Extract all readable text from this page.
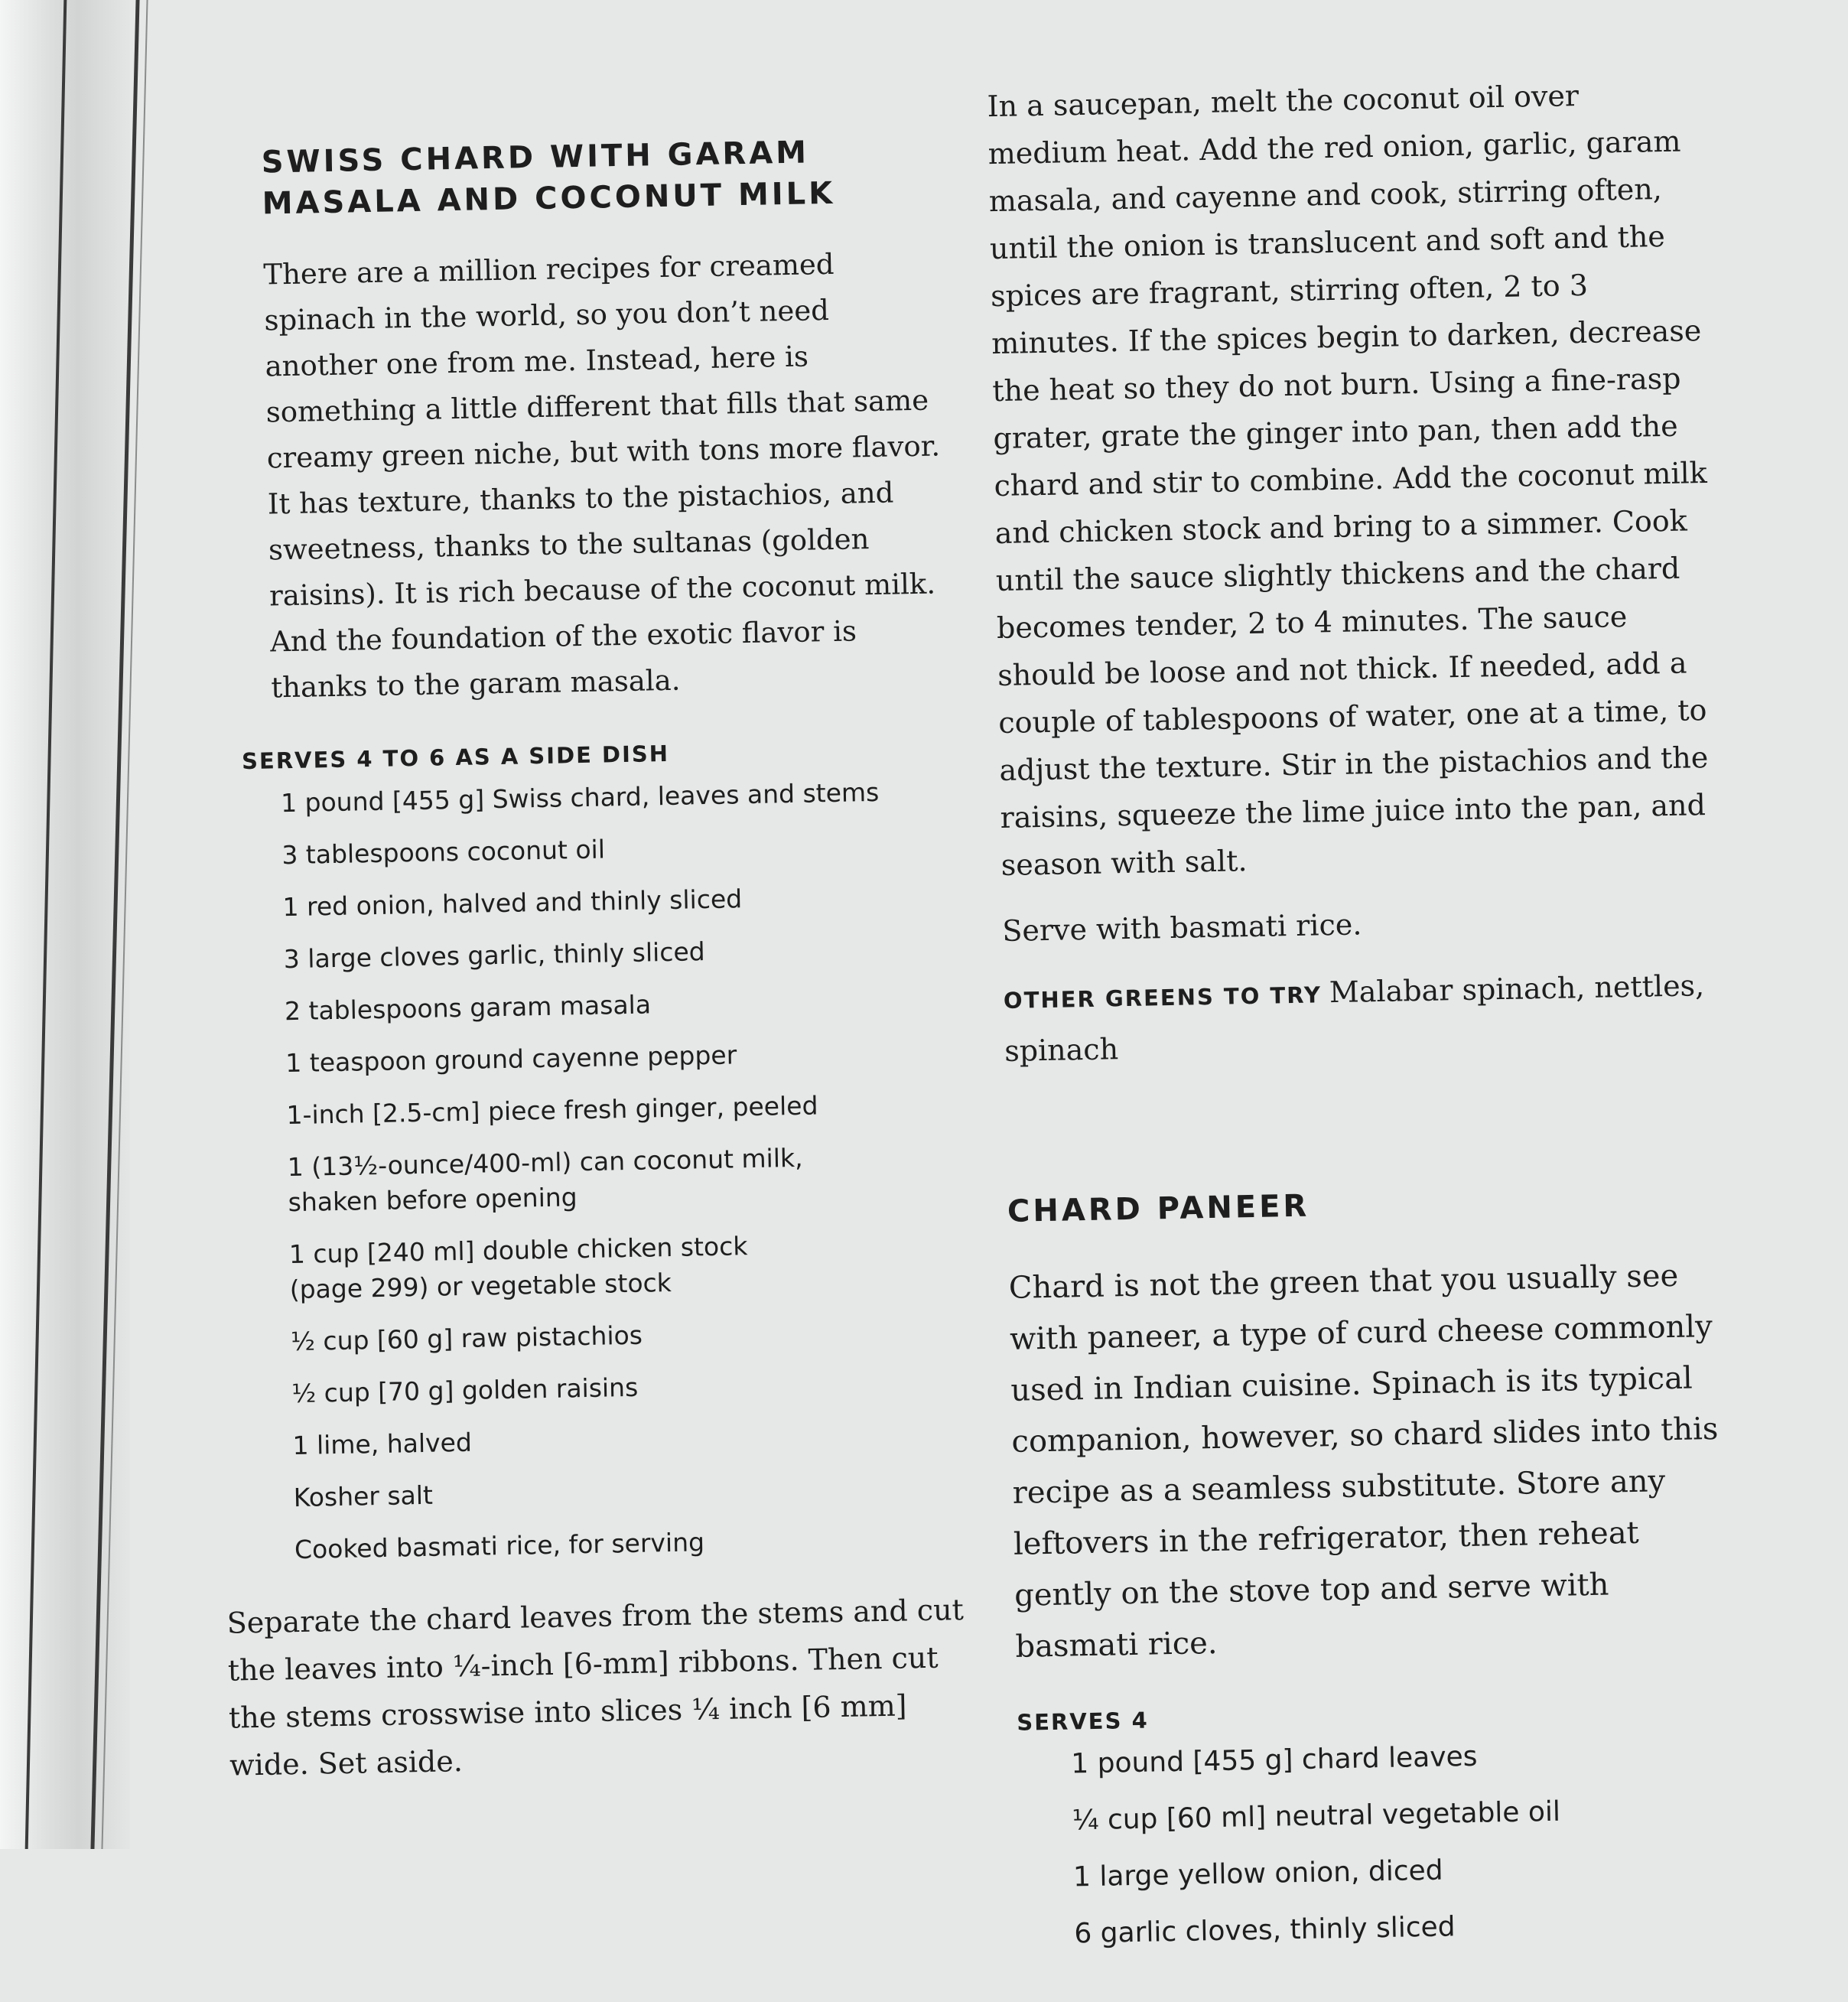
SWISS CHARD WITH GARAM MASALA AND COCONUT MILK

There are a million recipes for creamed spinach in the world, so you don’t need another one from me. Instead, here is something a little different that fills that same creamy green niche, but with tons more flavor. It has texture, thanks to the pistachios, and sweetness, thanks to the sultanas (golden raisins). It is rich because of the coconut milk. And the foundation of the exotic flavor is thanks to the garam masala.

SERVES 4 TO 6 AS A SIDE DISH
1 pound [455 g] Swiss chard, leaves and stems
3 tablespoons coconut oil
1 red onion, halved and thinly sliced
3 large cloves garlic, thinly sliced
2 tablespoons garam masala
1 teaspoon ground cayenne pepper
1-inch [2.5-cm] piece fresh ginger, peeled
1 (13½-ounce/400-ml) can coconut milk,
shaken before opening
1 cup [240 ml] double chicken stock
(page 299) or vegetable stock
½ cup [60 g] raw pistachios
½ cup [70 g] golden raisins
1 lime, halved
Kosher salt
Cooked basmati rice, for serving

Separate the chard leaves from the stems and cut the leaves into ¼-inch [6-mm] ribbons. Then cut the stems crosswise into slices ¼ inch [6 mm] wide. Set aside.

In a saucepan, melt the coconut oil over medium heat. Add the red onion, garlic, garam masala, and cayenne and cook, stirring often, until the onion is translucent and soft and the spices are fragrant, stirring often, 2 to 3 minutes. If the spices begin to darken, decrease the heat so they do not burn. Using a fine-rasp grater, grate the ginger into pan, then add the chard and stir to combine. Add the coconut milk and chicken stock and bring to a simmer. Cook until the sauce slightly thickens and the chard becomes tender, 2 to 4 minutes. The sauce should be loose and not thick. If needed, add a couple of tablespoons of water, one at a time, to adjust the texture. Stir in the pistachios and the raisins, squeeze the lime juice into the pan, and season with salt.

Serve with basmati rice.

OTHER GREENS TO TRY Malabar spinach, nettles, spinach

CHARD PANEER

Chard is not the green that you usually see with paneer, a type of curd cheese commonly used in Indian cuisine. Spinach is its typical companion, however, so chard slides into this recipe as a seamless substitute. Store any leftovers in the refrigerator, then reheat gently on the stove top and serve with basmati rice.

SERVES 4
1 pound [455 g] chard leaves
¼ cup [60 ml] neutral vegetable oil
1 large yellow onion, diced
6 garlic cloves, thinly sliced
